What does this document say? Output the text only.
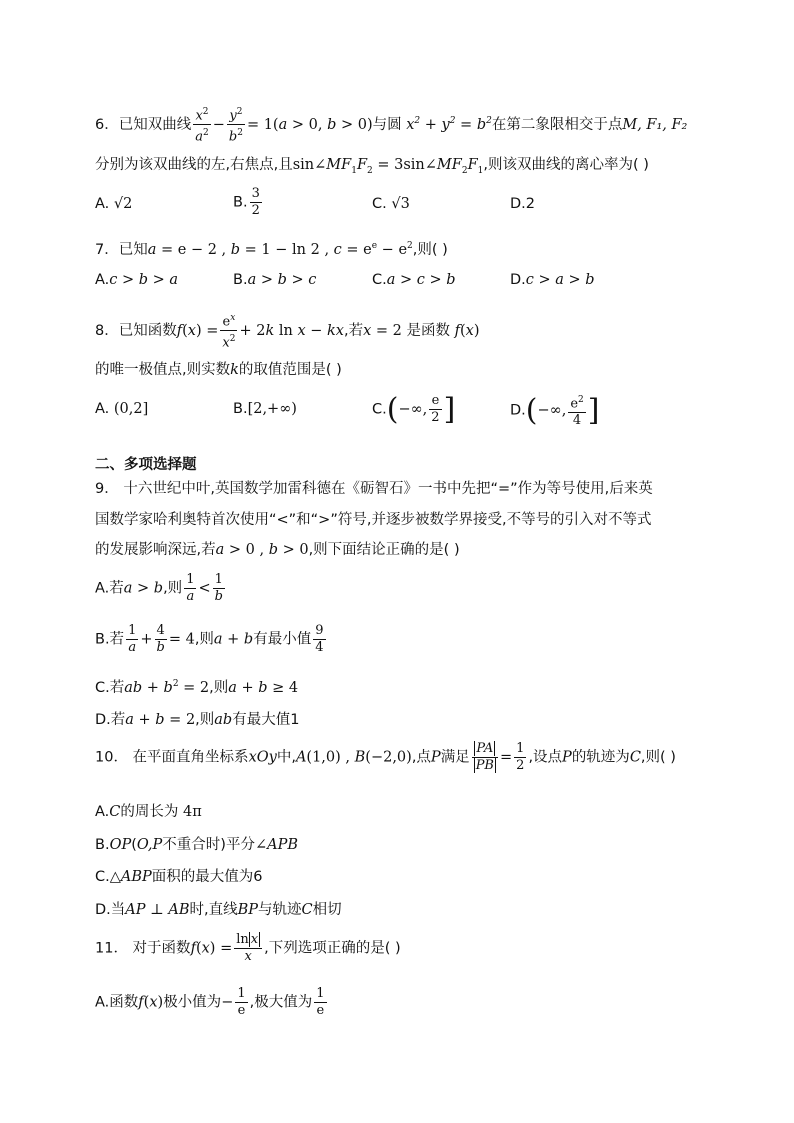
6．已知双曲线 $\frac{x^2}{a^2} - \frac{y^2}{b^2} = 1(a > 0$, b > 0)与圆 $x^2 + y^2 = b^2$在第二象限相交于点M, F₁, F₂
分别为该双曲线的左,右焦点,且$\sin\angle MF_1F_2$ = $3\sin\angle MF_2F_1$,则该双曲线的离心率为( )
A. √2	B. $\frac{3}{2}$	C. √3	D.2
7．已知a = e − 2 , b = 1 − ln 2 , $c = e^e - e^2$,则( )
A.c > b > a	B.a > b > c	C.a > c > b	D.c > a > b
8．已知函数$f(x) = \frac{e^x}{x^2} + 2k$ ln x − kx,若x = 2 是函数 f(x)
的唯一极值点,则实数k的取值范围是( )
A. (0,2]	B.[2,+∞)	C.(−∞, $\frac{e}{2}$ ]	D.(−∞, $\frac{e^2}{4}$ ]
二、多项选择题
9． 十六世纪中叶,英国数学加雷科德在《砺智石》一书中先把“=”作为等号使用,后来英
国数学家哈利奥特首次使用“<”和“>”符号,并逐步被数学界接受,不等号的引入对不等式
的发展影响深远,若a > 0 , b > 0,则下面结论正确的是( )
A.若a > b,则 $\frac{1}{a} < \frac{1}{b}$
B.若 $\frac{1}{a} + \frac{4}{b} = 4$,则a + b有最小值 $\frac{9}{4}$
C.若ab + $b^2 = 2$,则a + b ≥ 4
D.若a + b = 2,则ab有最大值1
10． 在平面直角坐标系xOy中,A(1,0) , B(−2,0),点P满足 $\frac{PA}{PB} = \frac{1}{2}$ ,设点P的轨迹为C,则( )
A.C的周长为 4π
B.OP(O,P不重合时)平分∠APB
C.△ABP面积的最大值为6
D.当AP ⊥ AB时,直线BP与轨迹C相切
11． 对于函数$f(x) = \frac{\text{ln x}}{x}$ ,下列选项正确的是( )
A.函数f(x)极小值为− $\frac{1}{e}$ ,极大值为 $\frac{1}{e}$
